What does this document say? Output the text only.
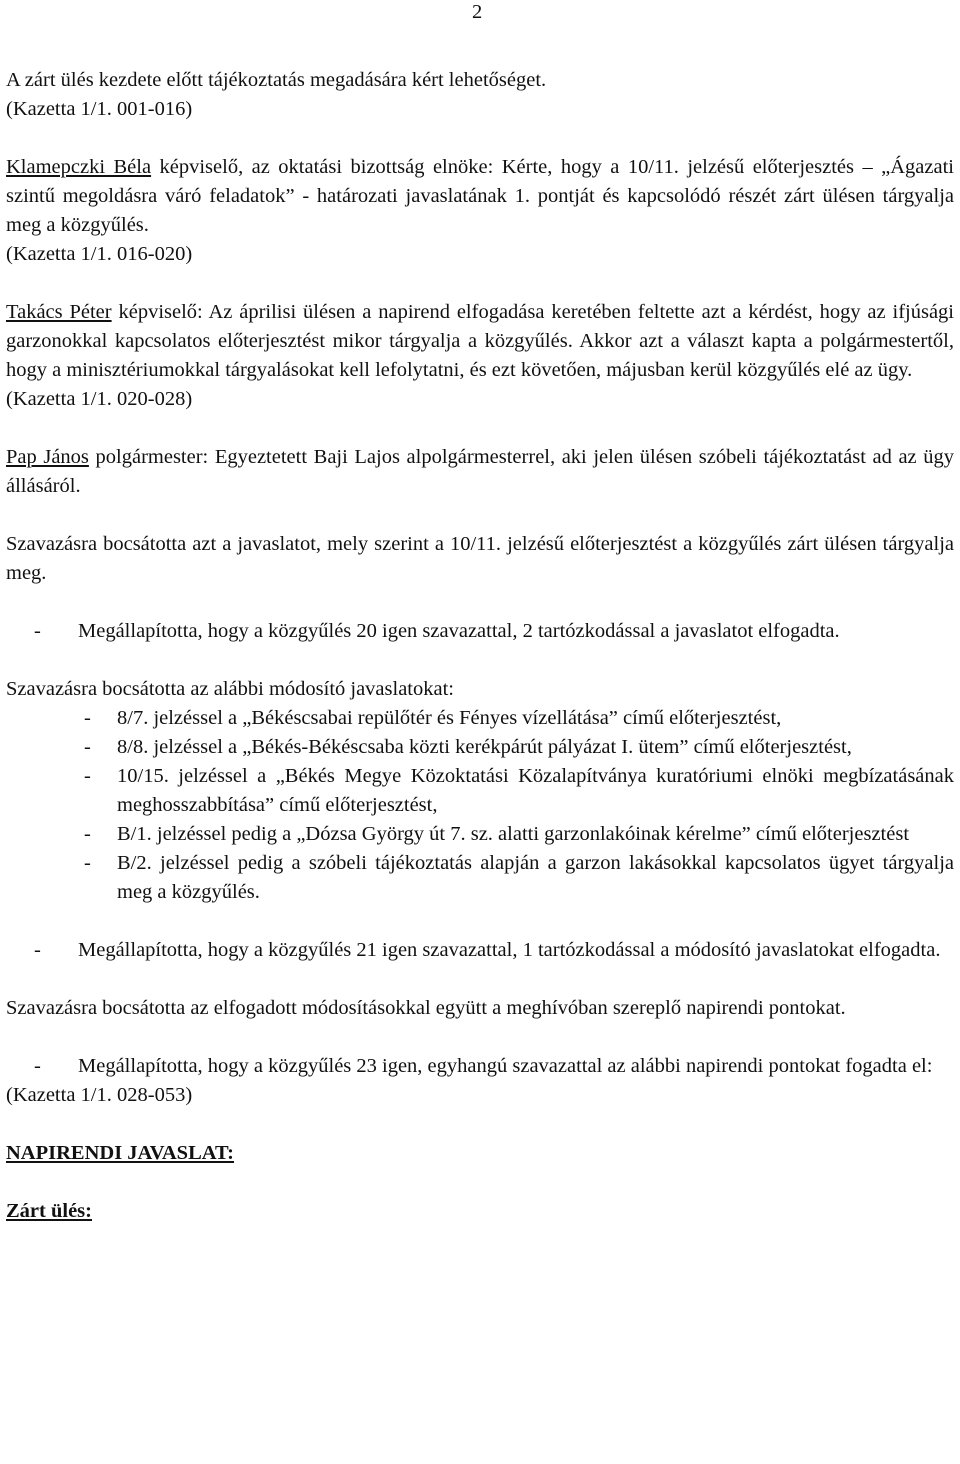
2

A zárt ülés kezdete előtt tájékoztatás megadására kért lehetőséget.
(Kazetta 1/1. 001-016)

Klamepczki Béla képviselő, az oktatási bizottság elnöke: Kérte, hogy a 10/11. jelzésű előterjesztés – „Ágazati szintű megoldásra váró feladatok” - határozati javaslatának 1. pontját és kapcsolódó részét zárt ülésen tárgyalja meg a közgyűlés.
(Kazetta 1/1. 016-020)

Takács Péter képviselő: Az áprilisi ülésen a napirend elfogadása keretében feltette azt a kérdést, hogy az ifjúsági garzonokkal kapcsolatos előterjesztést mikor tárgyalja a közgyűlés. Akkor azt a választ kapta a polgármestertől, hogy a minisztériumokkal tárgyalásokat kell lefolytatni, és ezt követően, májusban kerül közgyűlés elé az ügy.
(Kazetta 1/1. 020-028)

Pap János polgármester: Egyeztetett Baji Lajos alpolgármesterrel, aki jelen ülésen szóbeli tájékoztatást ad az ügy állásáról.

Szavazásra bocsátotta azt a javaslatot, mely szerint a 10/11. jelzésű előterjesztést a közgyűlés zárt ülésen tárgyalja meg.

-	Megállapította, hogy a közgyűlés 20 igen szavazattal, 2 tartózkodással a javaslatot elfogadta.

Szavazásra bocsátotta az alábbi módosító javaslatokat:

-	8/7. jelzéssel a „Békéscsabai repülőtér és Fényes vízellátása” című előterjesztést,
-	8/8. jelzéssel a „Békés-Békéscsaba közti kerékpárút pályázat I. ütem” című előterjesztést,
-	10/15. jelzéssel a „Békés Megye Közoktatási Közalapítványa kuratóriumi elnöki megbízatásának meghosszabbítása” című előterjesztést,
-	B/1. jelzéssel pedig a „Dózsa György út 7. sz. alatti garzonlakóinak kérelme” című előterjesztést
-	B/2. jelzéssel pedig a szóbeli tájékoztatás alapján a garzon lakásokkal kapcsolatos ügyet tárgyalja meg a közgyűlés.
-	Megállapította, hogy a közgyűlés 21 igen szavazattal, 1 tartózkodással a módosító javaslatokat elfogadta.

Szavazásra bocsátotta az elfogadott módosításokkal együtt a meghívóban szereplő napirendi pontokat.

-	Megállapította, hogy a közgyűlés 23 igen, egyhangú szavazattal az alábbi napirendi pontokat fogadta el:

(Kazetta 1/1. 028-053)

NAPIRENDI JAVASLAT:

Zárt ülés:
